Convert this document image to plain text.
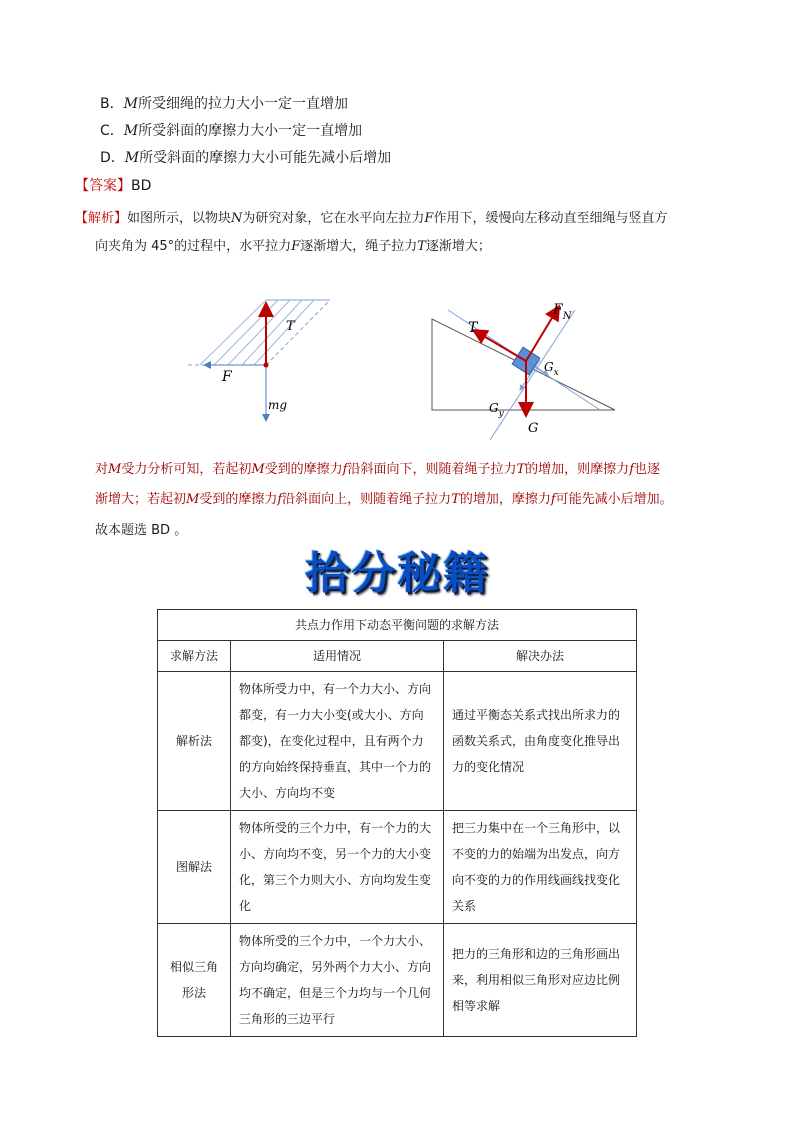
B．M所受细绳的拉力大小一定一直增加
C．M所受斜面的摩擦力大小一定一直增加
D．M所受斜面的摩擦力大小可能先减小后增加
【答案】BD
【解析】如图所示，以物块N为研究对象，它在水平向左拉力F作用下，缓慢向左移动直至细绳与竖直方
向夹角为 45°的过程中，水平拉力F逐渐增大，绳子拉力T逐渐增大；
T
F
mg
T
$F_N$
$G_x$
$G_y$
G
对M受力分析可知，若起初M受到的摩擦力f沿斜面向下，则随着绳子拉力T的增加，则摩擦力f也逐
渐增大；若起初M受到的摩擦力f沿斜面向上，则随着绳子拉力T的增加，摩擦力f可能先减小后增加。
故本题选 BD 。
拾分秘籍
共点力作用下动态平衡问题的求解方法		
求解方法	适用情况	解决办法
解析法	物体所受力中，有一个力大小、方向都变，有一力大小变(或大小、方向都变)，在变化过程中，且有两个力的方向始终保持垂直，其中一个力的大小、方向均不变	通过平衡态关系式找出所求力的函数关系式，由角度变化推导出力的变化情况
图解法	物体所受的三个力中，有一个力的大小、方向均不变，另一个力的大小变化，第三个力则大小、方向均发生变化	把三力集中在一个三角形中，以不变的力的始端为出发点，向方向不变的力的作用线画线找变化关系
相似三角形法	物体所受的三个力中，一个力大小、方向均确定，另外两个力大小、方向均不确定，但是三个力均与一个几何三角形的三边平行	把力的三角形和边的三角形画出来，利用相似三角形对应边比例相等求解
